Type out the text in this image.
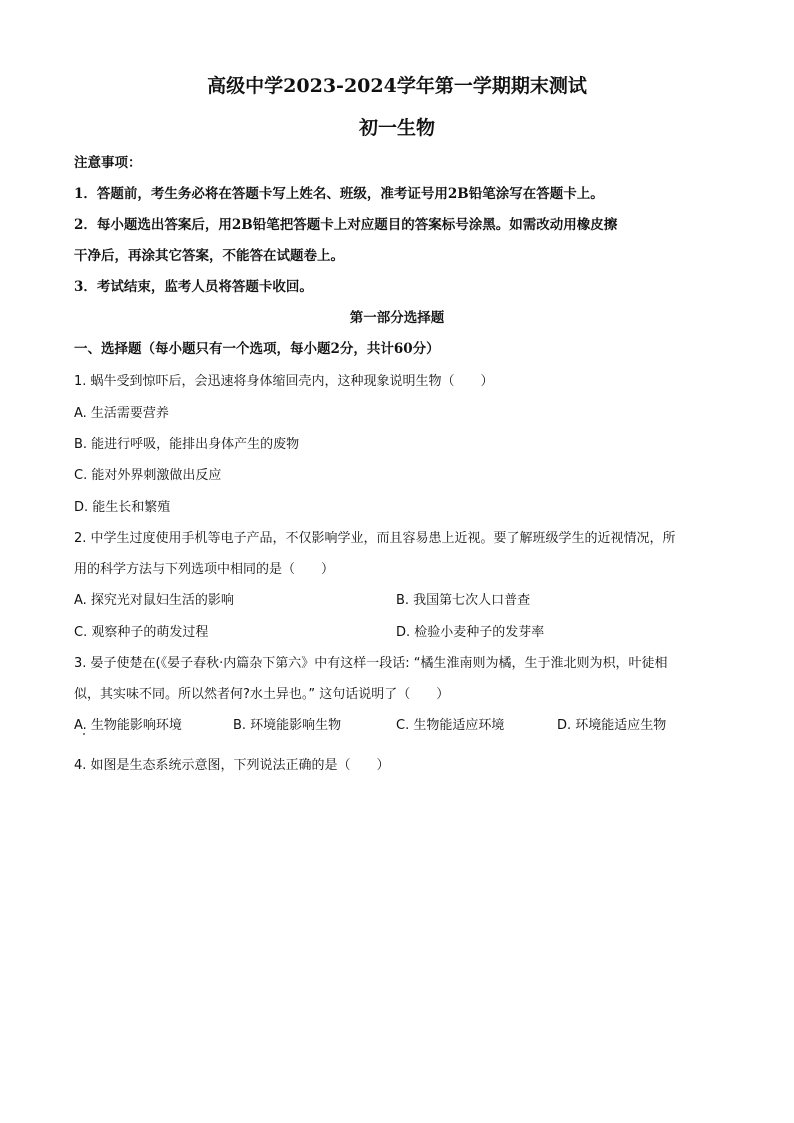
高级中学2023-2024学年第一学期期末测试
初一生物
注意事项：
1．答题前，考生务必将在答题卡写上姓名、班级，准考证号用2B铅笔涂写在答题卡上。
2．每小题选出答案后，用2B铅笔把答题卡上对应题目的答案标号涂黑。如需改动用橡皮擦
干净后，再涂其它答案，不能答在试题卷上。
3．考试结束，监考人员将答题卡收回。
第一部分选择题
一、选择题（每小题只有一个选项，每小题2分，共计60分）
1. 蜗牛受到惊吓后，会迅速将身体缩回壳内，这种现象说明生物（　　）
A. 生活需要营养
B. 能进行呼吸，能排出身体产生的废物
C. 能对外界刺激做出反应
D. 能生长和繁殖
2. 中学生过度使用手机等电子产品，不仅影响学业，而且容易患上近视。要了解班级学生的近视情况，所
用的科学方法与下列选项中相同的是（　　）
A. 探究光对鼠妇生活的影响	B. 我国第七次人口普查
C. 观察种子的萌发过程	D. 检验小麦种子的发芽率
3. 晏子使楚在(《晏子春秋·内篇杂下第六》中有这样一段话: “橘生淮南则为橘，生于淮北则为枳，叶徒相
似，其实味不同。所以然者何?水土异也。” 这句话说明了（　　）
A. 生物能影响环境	B. 环境能影响生物	C. 生物能适应环境	D. 环境能适应生物
4. 如图是生态系统示意图，下列说法正确的是（　　）
